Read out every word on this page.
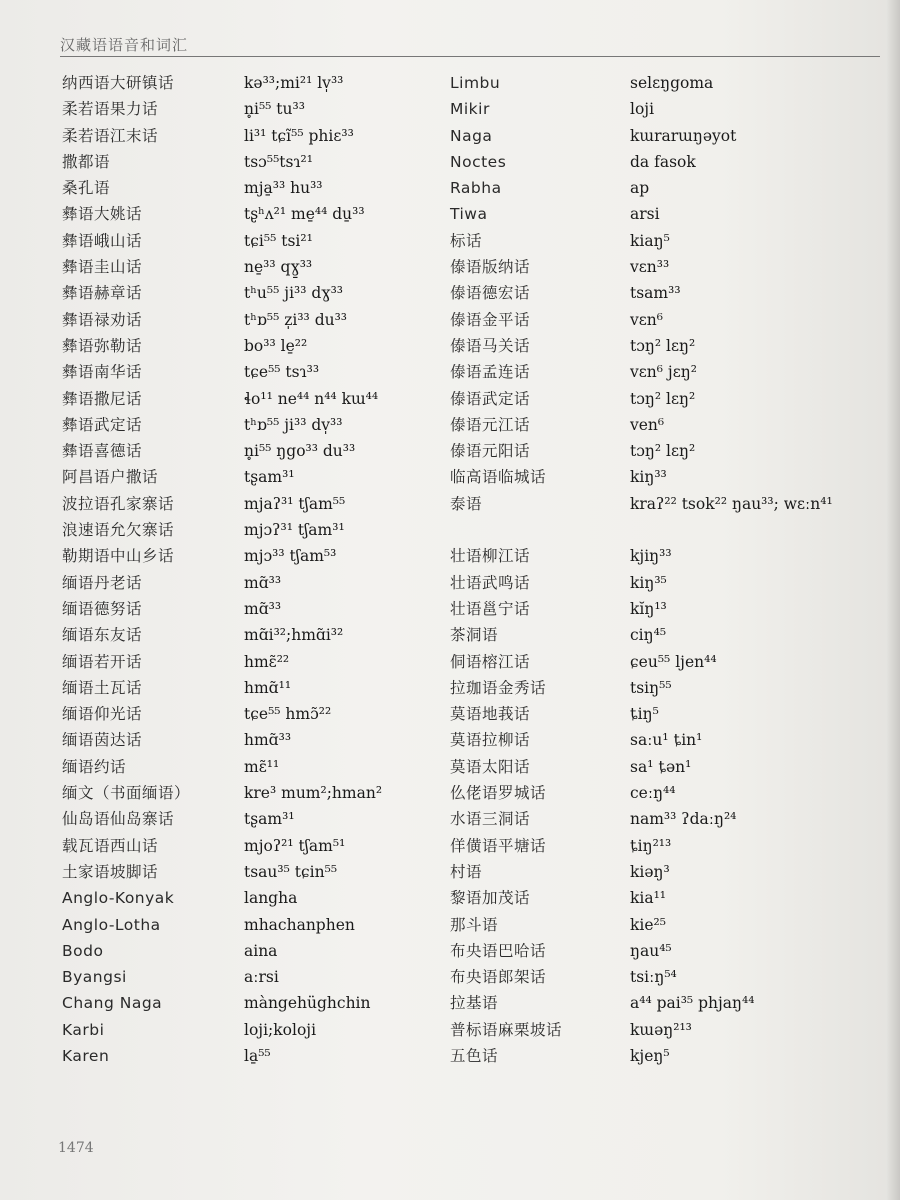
汉藏语语音和词汇
纳西语大研镇话
柔若语果力话
柔若语江末话
撒都语
桑孔语
彝语大姚话
彝语峨山话
彝语圭山话
彝语赫章话
彝语禄劝话
彝语弥勒话
彝语南华话
彝语撒尼话
彝语武定话
彝语喜德话
阿昌语户撒话
波拉语孔家寨话
浪速语允欠寨话
勒期语中山乡话
缅语丹老话
缅语德努话
缅语东友话
缅语若开话
缅语土瓦话
缅语仰光话
缅语茵达话
缅语约话
缅文（书面缅语）
仙岛语仙岛寨话
载瓦语西山话
土家语坡脚话
Anglo-Konyak
Anglo-Lotha
Bodo
Byangsi
Chang Naga
Karbi
Karen
kə³³;mi²¹ lv̩³³
n̥i⁵⁵ tu³³
li³¹ tɕĩ⁵⁵ phiɛ³³
tsɔ⁵⁵tsɿ²¹
mja̱³³ hu³³
tʂʰʌ²¹ me̱⁴⁴ du̱³³
tɕi⁵⁵ tsi²¹
ne̱³³ qɣ̱³³
tʰu⁵⁵ ji³³ dɣ³³
tʰɒ⁵⁵ z̩i³³ du³³
bo³³ le̱²²
tɕe⁵⁵ tsɿ³³
ɬo¹¹ ne⁴⁴ n⁴⁴ kɯ⁴⁴
tʰɒ⁵⁵ ji³³ dv̩³³
n̥i⁵⁵ ŋgo³³ du³³
tʂam³¹
mjaʔ³¹ tʃam⁵⁵
mjɔʔ³¹ tʃam³¹
mjɔ³³ tʃam⁵³
mɑ̃³³
mɑ̃³³
mɑ̃i³²;hmɑ̃i³²
hmɛ̃²²
hmɑ̃¹¹
tɕe⁵⁵ hmɔ̃²²
hmɑ̃³³
mɛ̃¹¹
kre³ mum²;hman²
tʂam³¹
mjoʔ²¹ tʃam⁵¹
tsau³⁵ tɕin⁵⁵
langha
mhachanphen
aina
aːrsi
màngehüghchin
loji;koloji
la̱⁵⁵
Limbu
Mikir
Naga
Noctes
Rabha
Tiwa
标话
傣语版纳话
傣语德宏话
傣语金平话
傣语马关话
傣语孟连话
傣语武定话
傣语元江话
傣语元阳话
临高语临城话
泰语
壮语柳江话
壮语武鸣话
壮语邕宁话
茶洞语
侗语榕江话
拉珈语金秀话
莫语地莪话
莫语拉柳话
莫语太阳话
仫佬语罗城话
水语三洞话
佯僙语平塘话
村语
黎语加茂话
那斗语
布央语巴哈话
布央语郎架话
拉基语
普标语麻栗坡话
五色话
selɛŋgoma
loji
kɯrarɯŋəyot
da fasok
ap
arsi
kiaŋ⁵
vɛn³³
tsam³³
vɛn⁶
tɔŋ² lɛŋ²
vɛn⁶ jɛŋ²
tɔŋ² lɛŋ²
ven⁶
tɔŋ² lɛŋ²
kiŋ³³
kraʔ²² tsok²² ŋau³³; wɛːn⁴¹
kjiŋ³³
kiŋ³⁵
kĭŋ¹³
ciŋ⁴⁵
ɕeu⁵⁵ ljen⁴⁴
tsiŋ⁵⁵
ȶiŋ⁵
saːu¹ ȶin¹
sa¹ ȶən¹
ceːŋ⁴⁴
nam³³ ʔdaːŋ²⁴
ȶiŋ²¹³
kiəŋ³
kia¹¹
kie²⁵
ŋau⁴⁵
tsiːŋ⁵⁴
a⁴⁴ pai³⁵ phjaŋ⁴⁴
kɯəŋ²¹³
kjeŋ⁵
1474
